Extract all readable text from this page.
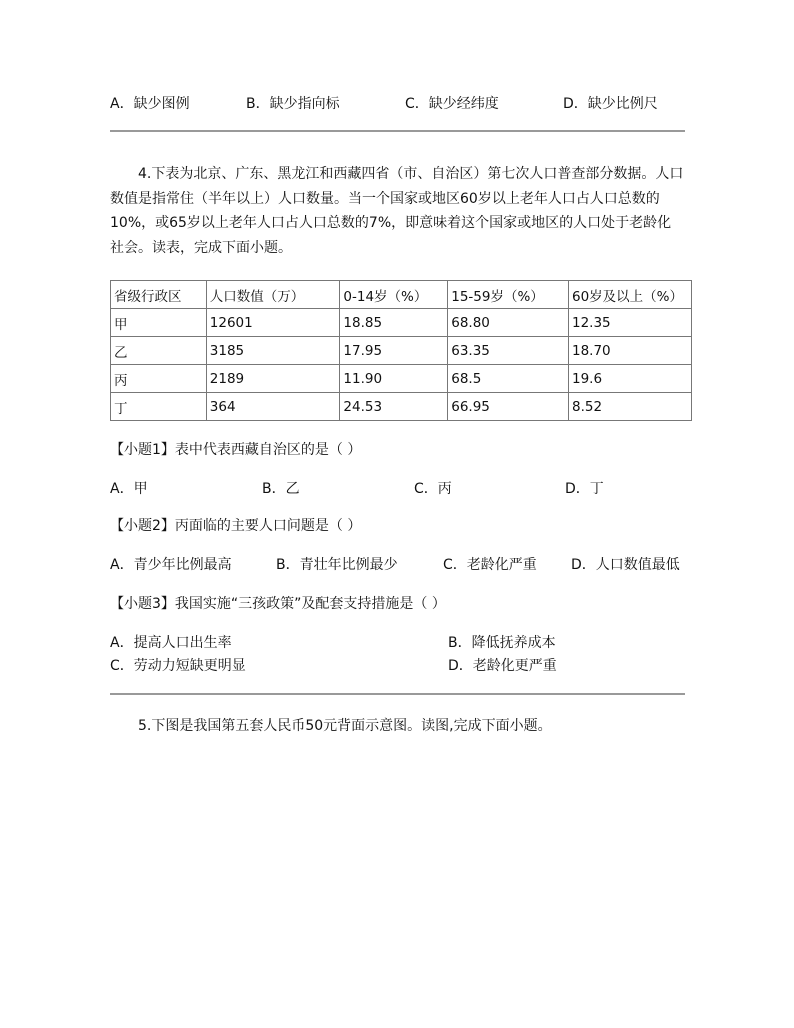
A．缺少图例	B．缺少指向标	C．缺少经纬度	D．缺少比例尺
4.下表为北京、广东、黑龙江和西藏四省（市、自治区）第七次人口普查部分数据。人口数值是指常住（半年以上）人口数量。当一个国家或地区60岁以上老年人口占人口总数的10%，或65岁以上老年人口占人口总数的7%，即意味着这个国家或地区的人口处于老龄化社会。读表，完成下面小题。
省级行政区	人口数值（万）	0-14岁（%）	15-59岁（%）	60岁及以上（%）
甲	12601	18.85	68.80	12.35
乙	3185	17.95	63.35	18.70
丙	2189	11.90	68.5	19.6
丁	364	24.53	66.95	8.52
【小题1】表中代表西藏自治区的是（ ）
A．甲	B．乙	C．丙	D．丁
【小题2】丙面临的主要人口问题是（ ）
A．青少年比例最高	B．青壮年比例最少	C．老龄化严重 D．人口数值最低
【小题3】我国实施“三孩政策”及配套支持措施是（ ）
A．提高人口出生率	B．降低抚养成本
C．劳动力短缺更明显	D．老龄化更严重
5.下图是我国第五套人民币50元背面示意图。读图,完成下面小题。
